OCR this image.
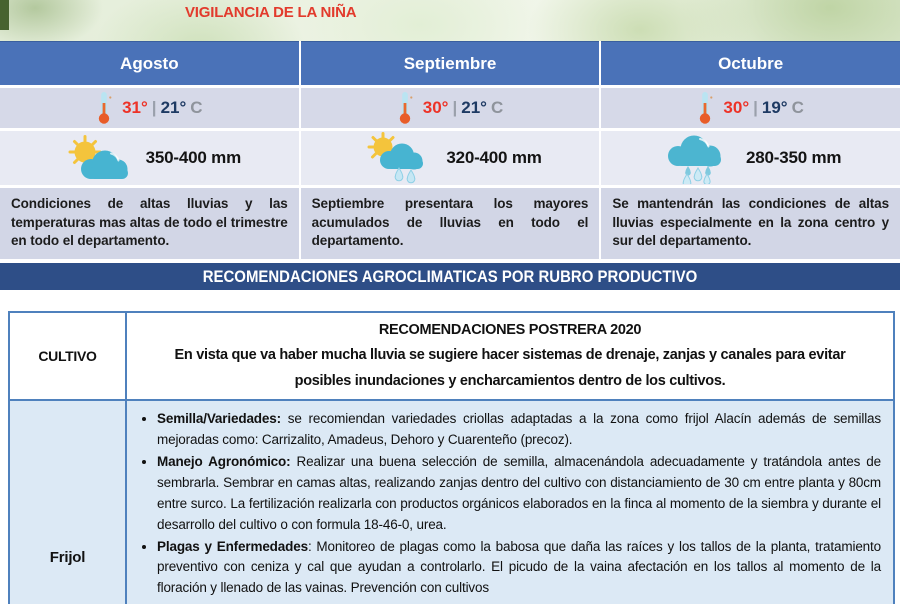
VIGILANCIA DE LA NIÑA
Agosto	Septiembre	Octubre
31° | 21° C	30° | 21° C	30° | 19° C
350-400 mm	320-400 mm	280-350 mm
Condiciones de altas lluvias y las temperaturas mas altas de todo el trimestre en todo el departamento.
Septiembre presentara los mayores acumulados de lluvias en todo el departamento.
Se mantendrán las condiciones de altas lluvias especialmente en la zona centro y sur del departamento.
RECOMENDACIONES AGROCLIMATICAS POR RUBRO PRODUCTIVO
CULTIVO
RECOMENDACIONES POSTRERA 2020
En vista que va haber mucha lluvia se sugiere hacer sistemas de drenaje, zanjas y canales para evitar posibles inundaciones y encharcamientos dentro de los cultivos.
Frijol
• Semilla/Variedades: se recomiendan variedades criollas adaptadas a la zona como frijol Alacín además de semillas mejoradas como: Carrizalito, Amadeus, Dehoro y Cuarenteño (precoz).
• Manejo Agronómico: Realizar una buena selección de semilla, almacenándola adecuadamente y tratándola antes de sembrarla. Sembrar en camas altas, realizando zanjas dentro del cultivo con distanciamiento de 30 cm entre planta y 80cm entre surco. La fertilización realizarla con productos orgánicos elaborados en la finca al momento de la siembra y durante el desarrollo del cultivo o con formula 18-46-0, urea.
• Plagas y Enfermedades: Monitoreo de plagas como la babosa que daña las raíces y los tallos de la planta, tratamiento preventivo con ceniza y cal que ayudan a controlarlo. El picudo de la vaina afectación en los tallos al momento de la floración y llenado de las vainas. Prevención con cultivos
